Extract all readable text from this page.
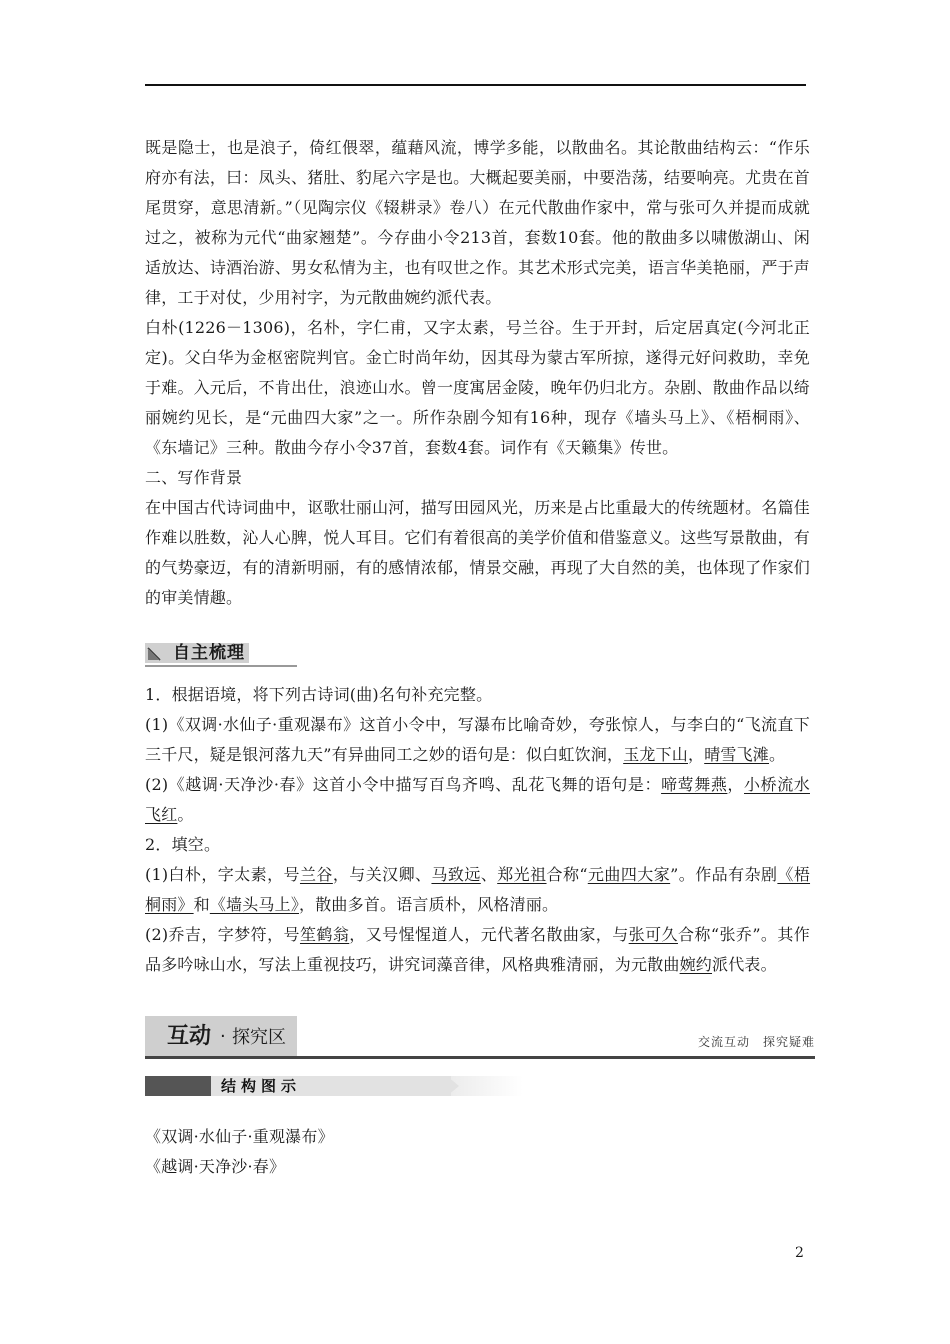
既是隐士，也是浪子，倚红偎翠，蕴藉风流，博学多能，以散曲名。其论散曲结构云：“作乐府亦有法，曰：凤头、猪肚、豹尾六字是也。大概起要美丽，中要浩荡，结要响亮。尤贵在首尾贯穿，意思清新。”（见陶宗仪《辍耕录》卷八）在元代散曲作家中，常与张可久并提而成就过之，被称为元代“曲家翘楚”。今存曲小令213首，套数10套。他的散曲多以啸傲湖山、闲适放达、诗酒治游、男女私情为主，也有叹世之作。其艺术形式完美，语言华美艳丽，严于声律，工于对仗，少用衬字，为元散曲婉约派代表。

白朴(1226－1306)，名朴，字仁甫，又字太素，号兰谷。生于开封，后定居真定(今河北正定)。父白华为金枢密院判官。金亡时尚年幼，因其母为蒙古军所掠，遂得元好问救助，幸免于难。入元后，不肯出仕，浪迹山水。曾一度寓居金陵，晚年仍归北方。杂剧、散曲作品以绮丽婉约见长，是“元曲四大家”之一。所作杂剧今知有16种，现存《墙头马上》、《梧桐雨》、《东墙记》三种。散曲今存小令37首，套数4套。词作有《天籁集》传世。

二、写作背景

在中国古代诗词曲中，讴歌壮丽山河，描写田园风光，历来是占比重最大的传统题材。名篇佳作难以胜数，沁人心脾，悦人耳目。它们有着很高的美学价值和借鉴意义。这些写景散曲，有的气势豪迈，有的清新明丽，有的感情浓郁，情景交融，再现了大自然的美，也体现了作家们的审美情趣。

自主梳理

1．根据语境，将下列古诗词(曲)名句补充完整。

(1)《双调·水仙子·重观瀑布》这首小令中，写瀑布比喻奇妙，夸张惊人，与李白的“飞流直下三千尺，疑是银河落九天”有异曲同工之妙的语句是：似白虹饮涧，玉龙下山，晴雪飞滩。

(2)《越调·天净沙·春》这首小令中描写百鸟齐鸣、乱花飞舞的语句是：啼莺舞燕，小桥流水飞红。

2．填空。

(1)白朴，字太素，号兰谷，与关汉卿、马致远、郑光祖合称“元曲四大家”。作品有杂剧《梧桐雨》和《墙头马上》，散曲多首。语言质朴，风格清丽。

(2)乔吉，字梦符，号笙鹤翁，又号惺惺道人，元代著名散曲家，与张可久合称“张乔”。其作品多吟咏山水，写法上重视技巧，讲究词藻音律，风格典雅清丽，为元散曲婉约派代表。

互动 · 探究区	交流互动　探究疑难
结构图示

《双调·水仙子·重观瀑布》

《越调·天净沙·春》

2
